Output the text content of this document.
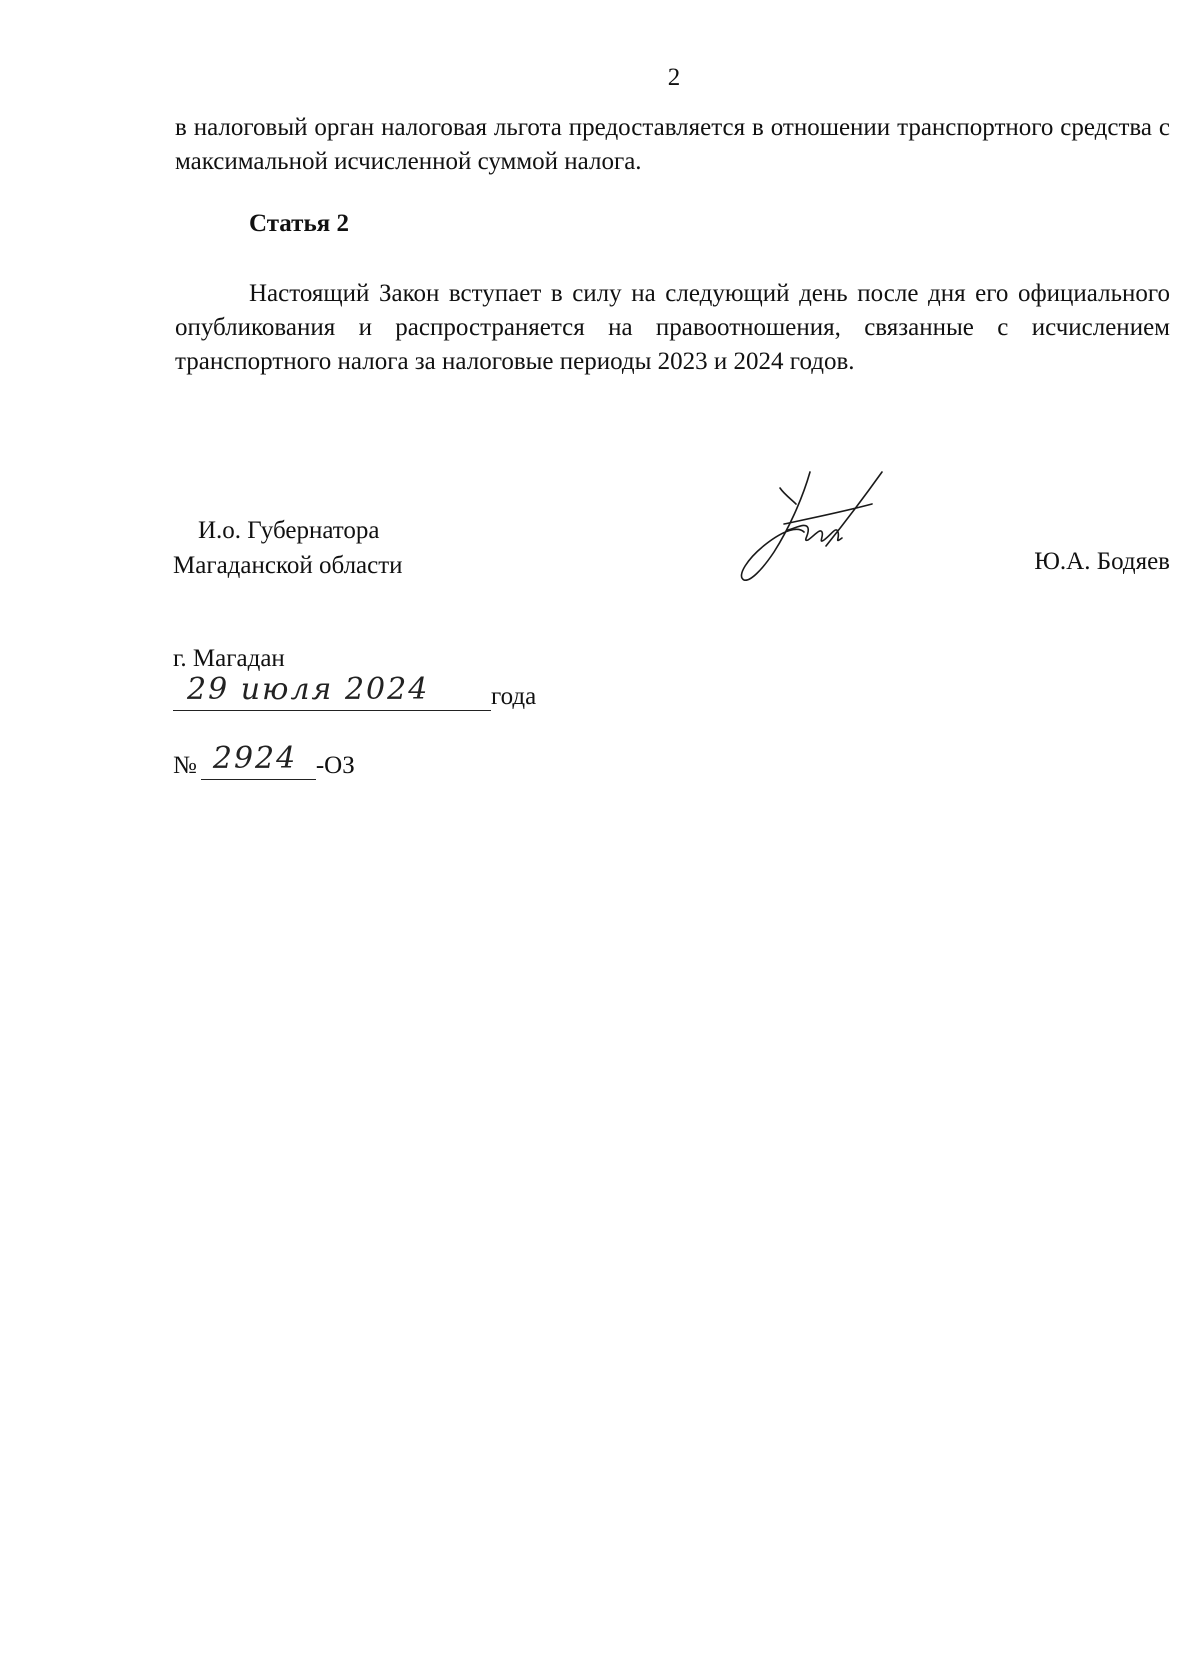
2
в налоговый орган налоговая льгота предоставляется в отношении транспортного средства с максимальной исчисленной суммой налога.
Статья 2
Настоящий Закон вступает в силу на следующий день после дня его официального опубликования и распространяется на правоотношения, связанные с исчислением транспортного налога за налоговые периоды 2023 и 2024 годов.
И.о. Губернатора
Магаданской области	Ю.А. Бодяев
г. Магадан
29 июля 2024 года
№ 2924 -ОЗ
